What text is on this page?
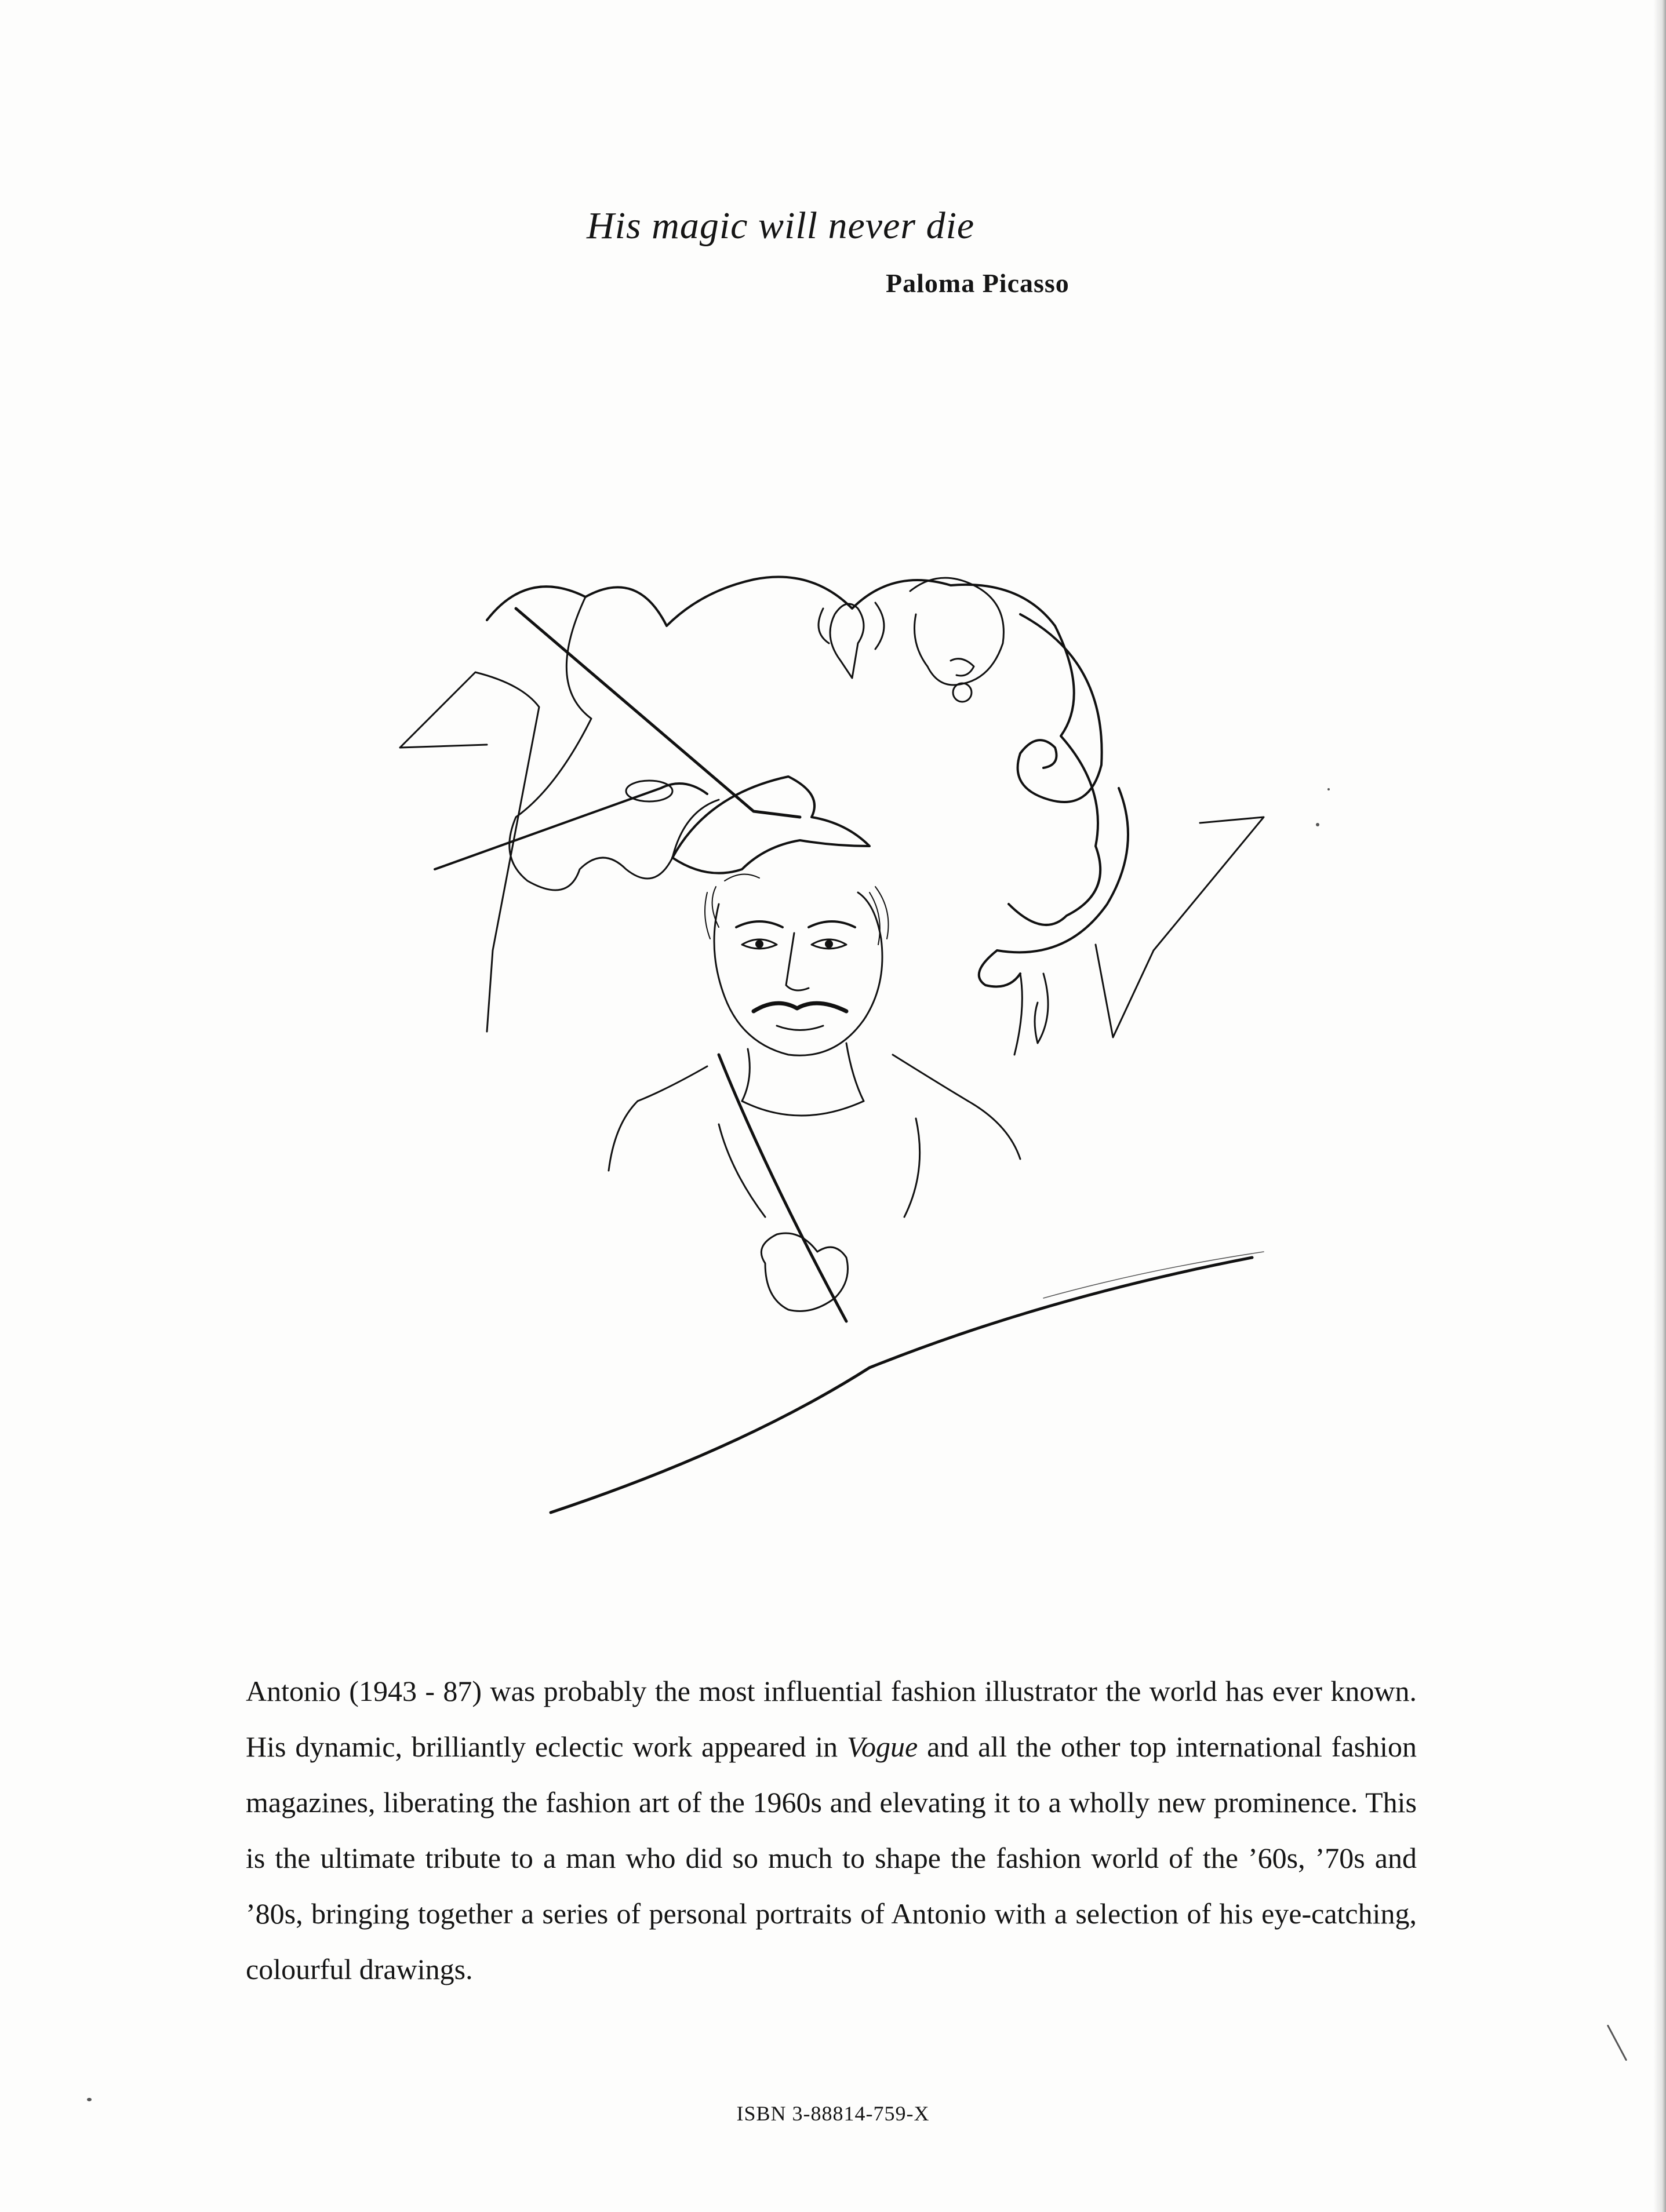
His magic will never die
Paloma Picasso

Antonio (1943 - 87) was probably the most influential fashion illustrator the world has ever known. His dynamic, brilliantly eclectic work appeared in Vogue and all the other top international fashion magazines, liberating the fashion art of the 1960s and elevating it to a wholly new prominence. This is the ultimate tribute to a man who did so much to shape the fashion world of the ’60s, ’70s and ’80s, bringing together a series of personal portraits of Antonio with a selection of his eye-catching, colourful drawings.

ISBN 3-88814-759-X
